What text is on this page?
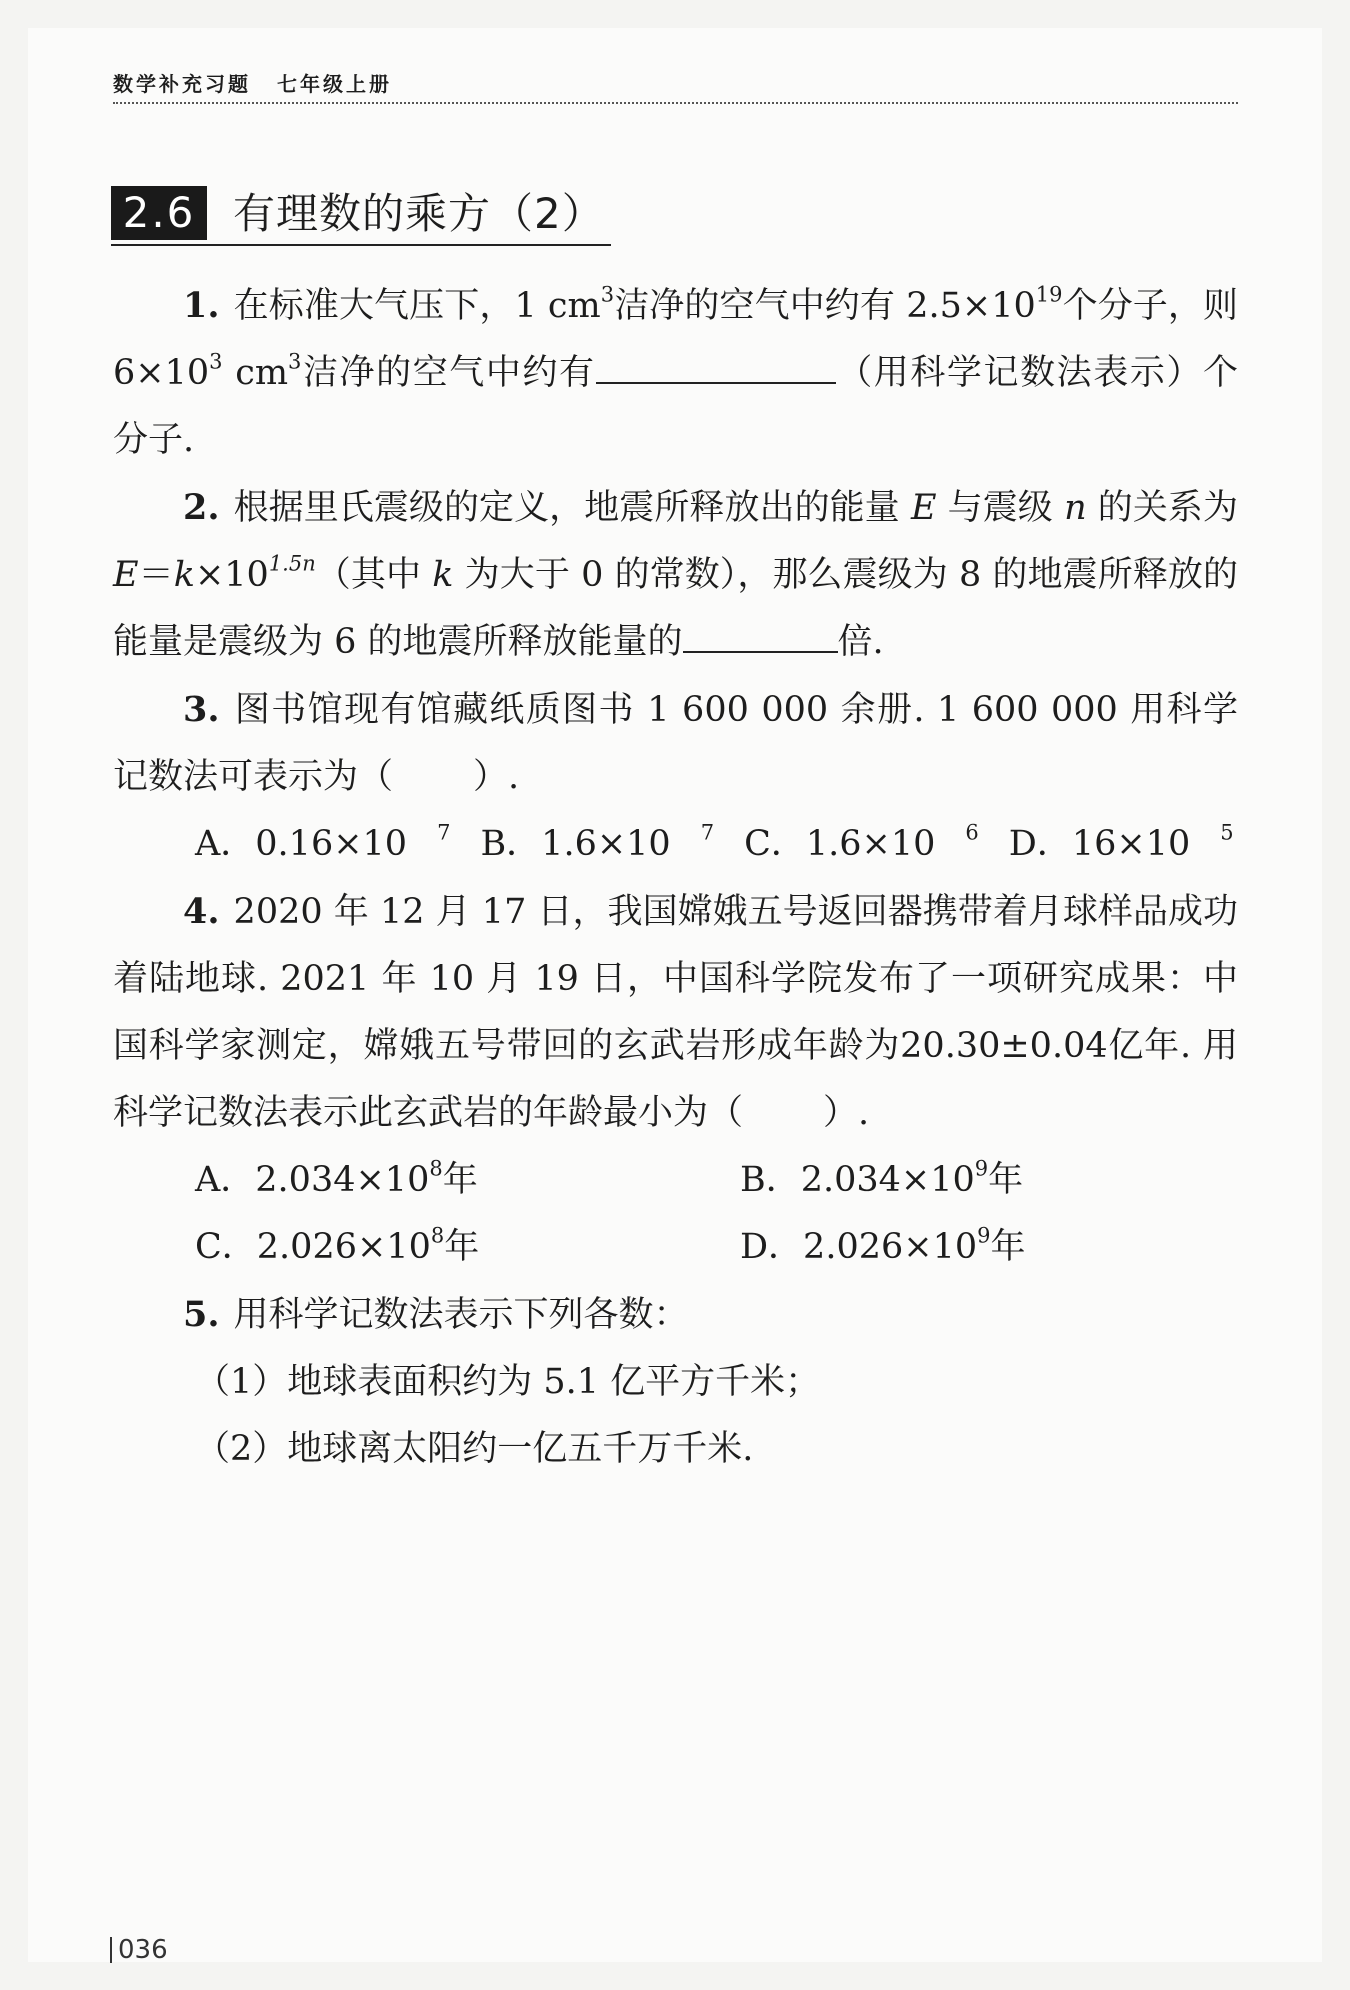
数学补充习题 七年级上册
2.6 有理数的乘方（2）

1. 在标准大气压下，1 $cm^3$洁净的空气中约有 $2.5\times 10^{19}$个分子，则 $6\times 10^3$ $cm^3$洁净的空气中约有	（用科学记数法表示）个分子.

2. 根据里氏震级的定义，地震所释放出的能量 E 与震级 n 的关系为 $E=k\times 10^{1.5n}$（其中 k 为大于 0 的常数），那么震级为 8 的地震所释放的能量是震级为 6 的地震所释放能量的	倍.

3. 图书馆现有馆藏纸质图书 1 600 000 余册. 1 600 000 用科学记数法可表示为（ ）.

A．0.16×10 $^7$ B．1.6×10 $^7$ C．1.6×10 $^6$ D．16×10 $^5$

4. 2020 年 12 月 17 日，我国嫦娥五号返回器携带着月球样品成功着陆地球. 2021 年 10 月 19 日，中国科学院发布了一项研究成果：中国科学家测定，嫦娥五号带回的玄武岩形成年龄为20.30±0.04亿年. 用科学记数法表示此玄武岩的年龄最小为（ ）.

A．$2.034\times 10^8$年	B．$2.034\times 10^9$年
C．$2.026\times 10^8$年	D．$2.026\times 10^9$年

5. 用科学记数法表示下列各数：

（1）地球表面积约为 5.1 亿平方千米；

（2）地球离太阳约一亿五千万千米.

036
